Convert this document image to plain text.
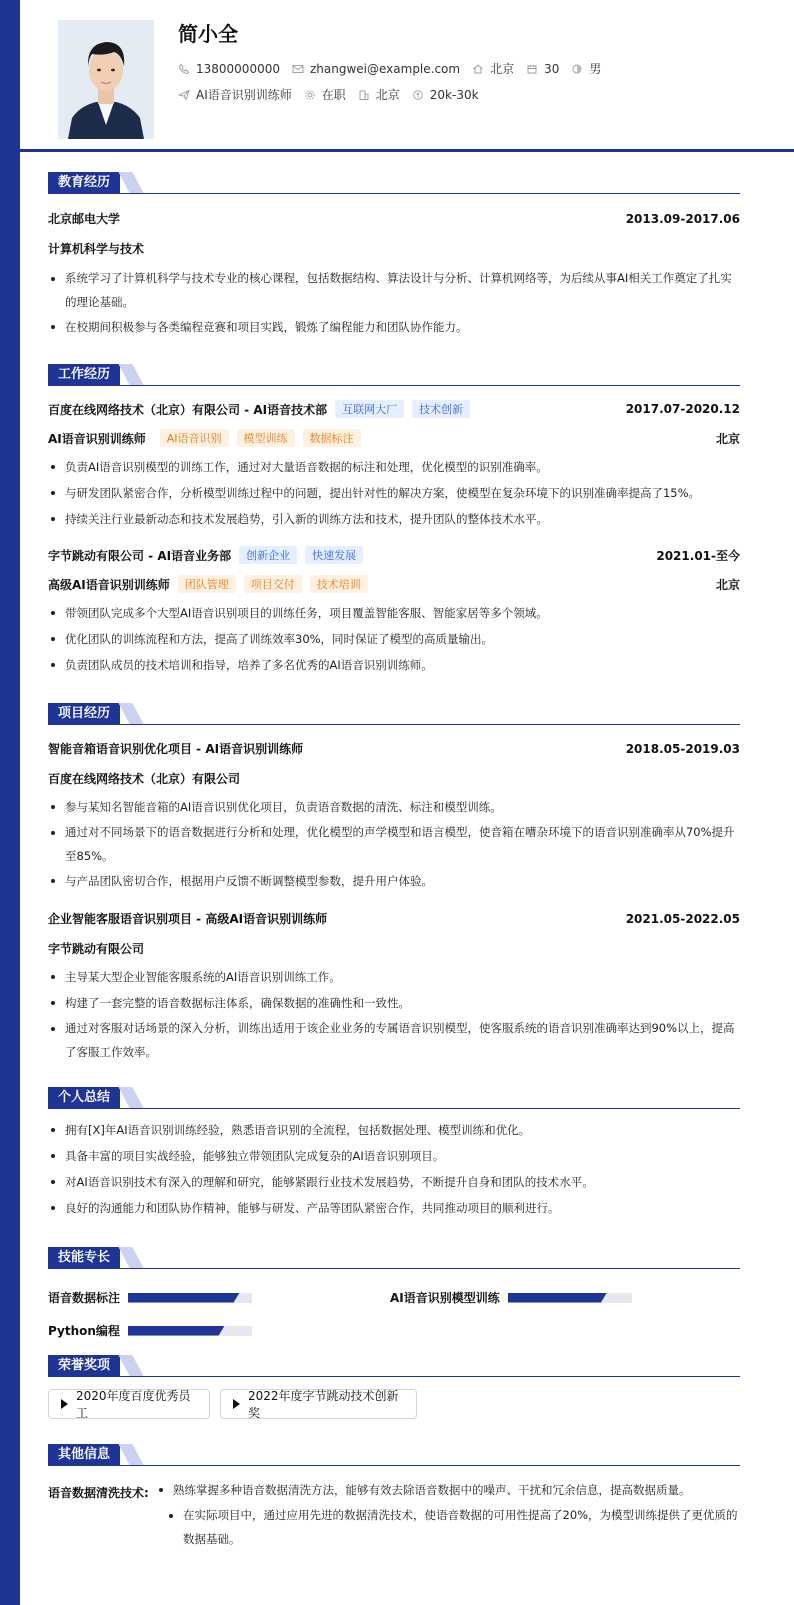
简小全
13800000000	zhangwei@example.com	北京	30	男
AI语音识别训练师	在职	北京	20k-30k
教育经历
北京邮电大学	2013.09-2017.06
计算机科学与技术
系统学习了计算机科学与技术专业的核心课程，包括数据结构、算法设计与分析、计算机网络等，为后续从事AI相关工作奠定了扎实的理论基础。
在校期间积极参与各类编程竞赛和项目实践，锻炼了编程能力和团队协作能力。
工作经历
百度在线网络技术（北京）有限公司 - AI语音技术部	互联网大厂	技术创新	2017.07-2020.12
AI语音识别训练师	AI语音识别	模型训练	数据标注	北京
负责AI语音识别模型的训练工作，通过对大量语音数据的标注和处理，优化模型的识别准确率。
与研发团队紧密合作，分析模型训练过程中的问题，提出针对性的解决方案，使模型在复杂环境下的识别准确率提高了15%。
持续关注行业最新动态和技术发展趋势，引入新的训练方法和技术，提升团队的整体技术水平。
字节跳动有限公司 - AI语音业务部	创新企业	快速发展	2021.01-至今
高级AI语音识别训练师	团队管理	项目交付	技术培训	北京
带领团队完成多个大型AI语音识别项目的训练任务，项目覆盖智能客服、智能家居等多个领域。
优化团队的训练流程和方法，提高了训练效率30%，同时保证了模型的高质量输出。
负责团队成员的技术培训和指导，培养了多名优秀的AI语音识别训练师。
项目经历
智能音箱语音识别优化项目 - AI语音识别训练师	2018.05-2019.03
百度在线网络技术（北京）有限公司
参与某知名智能音箱的AI语音识别优化项目，负责语音数据的清洗、标注和模型训练。
通过对不同场景下的语音数据进行分析和处理，优化模型的声学模型和语言模型，使音箱在嘈杂环境下的语音识别准确率从70%提升至85%。
与产品团队密切合作，根据用户反馈不断调整模型参数，提升用户体验。
企业智能客服语音识别项目 - 高级AI语音识别训练师	2021.05-2022.05
字节跳动有限公司
主导某大型企业智能客服系统的AI语音识别训练工作。
构建了一套完整的语音数据标注体系，确保数据的准确性和一致性。
通过对客服对话场景的深入分析，训练出适用于该企业业务的专属语音识别模型，使客服系统的语音识别准确率达到90%以上，提高了客服工作效率。
个人总结
拥有[X]年AI语音识别训练经验，熟悉语音识别的全流程，包括数据处理、模型训练和优化。
具备丰富的项目实战经验，能够独立带领团队完成复杂的AI语音识别项目。
对AI语音识别技术有深入的理解和研究，能够紧跟行业技术发展趋势，不断提升自身和团队的技术水平。
良好的沟通能力和团队协作精神，能够与研发、产品等团队紧密合作，共同推动项目的顺利进行。
技能专长
语音数据标注	AI语音识别模型训练
Python编程
荣誉奖项
2020年度百度优秀员工
2022年度字节跳动技术创新奖
其他信息
语音数据清洗技术:	熟练掌握多种语音数据清洗方法，能够有效去除语音数据中的噪声、干扰和冗余信息，提高数据质量。
在实际项目中，通过应用先进的数据清洗技术，使语音数据的可用性提高了20%，为模型训练提供了更优质的数据基础。
